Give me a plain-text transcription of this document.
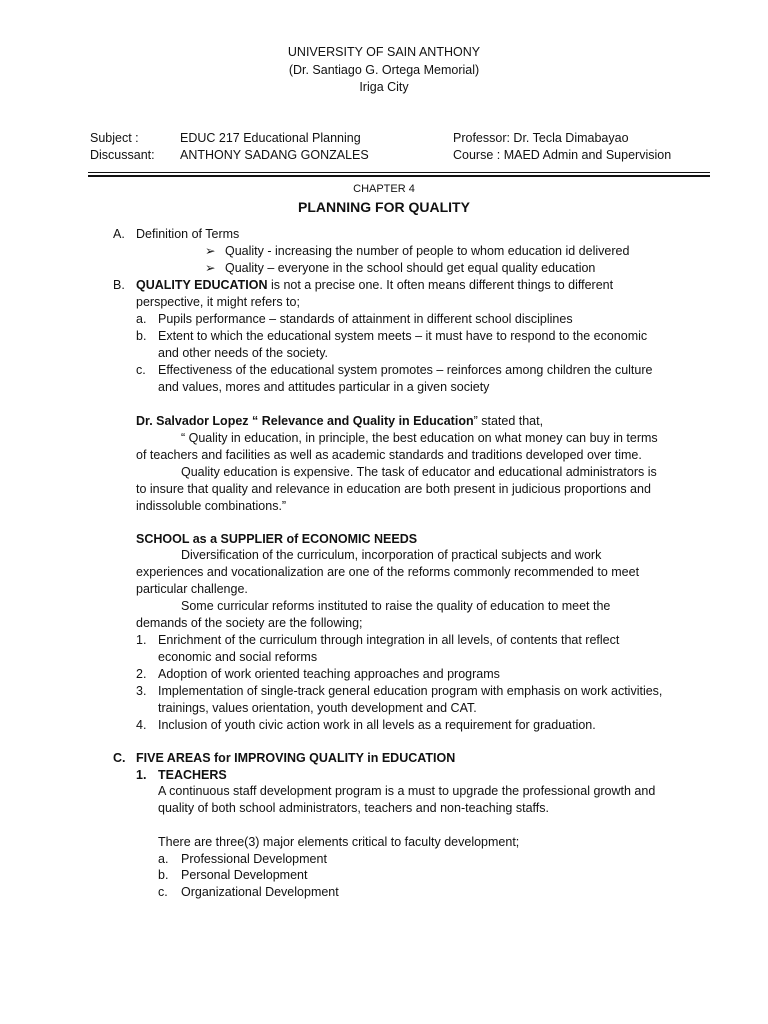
UNIVERSITY OF SAIN ANTHONY
(Dr. Santiago G. Ortega Memorial)
Iriga City
Subject :	EDUC 217 Educational Planning	Professor: Dr. Tecla Dimabayao
Discussant: ANTHONY SADANG GONZALES	Course : MAED Admin and Supervision
CHAPTER 4
PLANNING FOR QUALITY
A. Definition of Terms
➢ Quality - increasing the number of people to whom education id delivered
➢ Quality – everyone in the school should get equal quality education
B. QUALITY EDUCATION is not a precise one. It often means different things to different
perspective, it might refers to;
a. Pupils performance – standards of attainment in different school disciplines
b. Extent to which the educational system meets – it must have to respond to the economic
and other needs of the society.
c. Effectiveness of the educational system promotes – reinforces among children the culture
and values, mores and attitudes particular in a given society
Dr. Salvador Lopez “ Relevance and Quality in Education” stated that,
“ Quality in education, in principle, the best education on what money can buy in terms
of teachers and facilities as well as academic standards and traditions developed over time.
Quality education is expensive. The task of educator and educational administrators is
to insure that quality and relevance in education are both present in judicious proportions and
indissoluble combinations.”
SCHOOL as a SUPPLIER of ECONOMIC NEEDS
Diversification of the curriculum, incorporation of practical subjects and work
experiences and vocationalization are one of the reforms commonly recommended to meet
particular challenge.
Some curricular reforms instituted to raise the quality of education to meet the
demands of the society are the following;
1. Enrichment of the curriculum through integration in all levels, of contents that reflect
economic and social reforms
2. Adoption of work oriented teaching approaches and programs
3. Implementation of single-track general education program with emphasis on work activities,
trainings, values orientation, youth development and CAT.
4. Inclusion of youth civic action work in all levels as a requirement for graduation.
C. FIVE AREAS for IMPROVING QUALITY in EDUCATION
1. TEACHERS
A continuous staff development program is a must to upgrade the professional growth and
quality of both school administrators, teachers and non-teaching staffs.
There are three(3) major elements critical to faculty development;
a. Professional Development
b. Personal Development
c. Organizational Development
